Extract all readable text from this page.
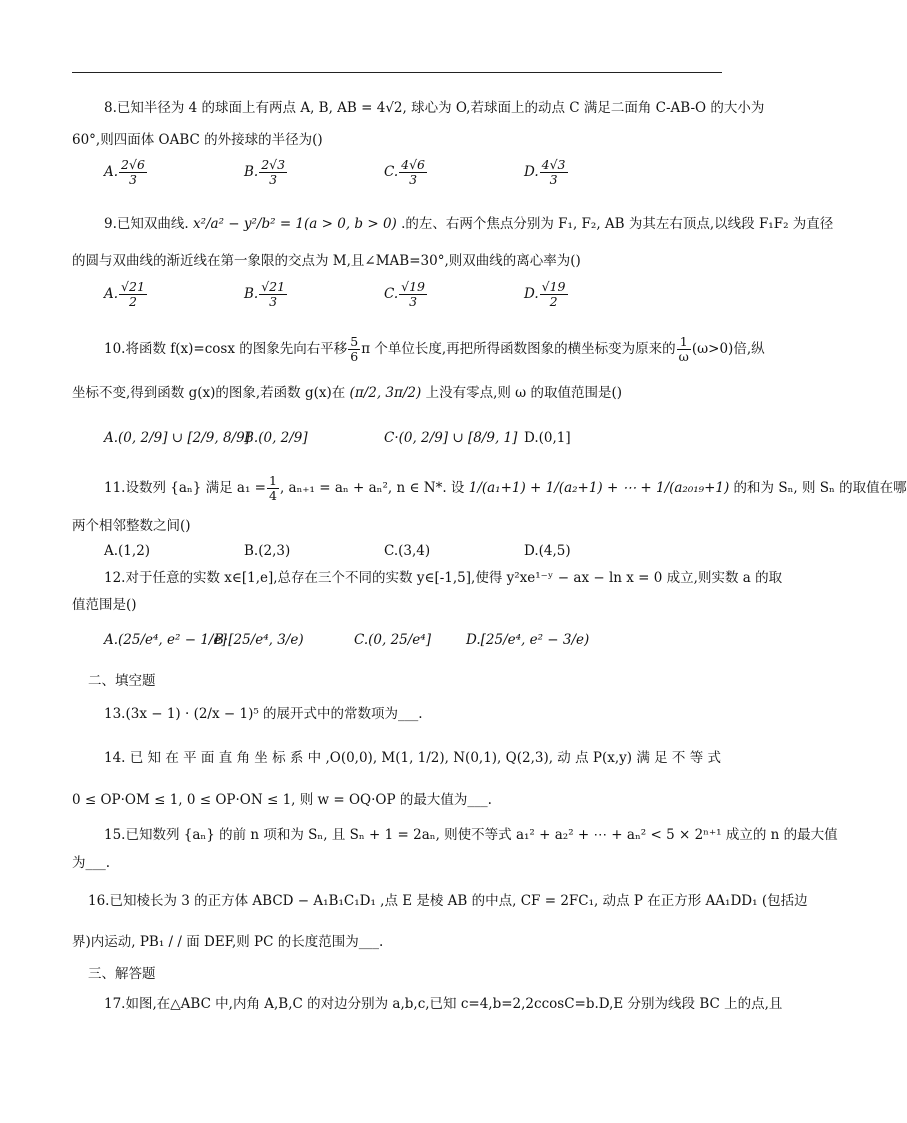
8.已知半径为 4 的球面上有两点 A, B, AB = 4√2, 球心为 O,若球面上的动点 C 满足二面角 C-AB-O 的大小为
60°,则四面体 OABC 的外接球的半径为()
A. $\frac{2√6}{3}$	B. $\frac{2√3}{3}$	C. $\frac{4√6}{3}$	D. $\frac{4√3}{3}$
9.已知双曲线. x²/a² − y²/b² = 1(a > 0, b > 0) .的左、右两个焦点分别为 F₁, F₂, AB 为其左右顶点,以线段 F₁F₂ 为直径
的圆与双曲线的渐近线在第一象限的交点为 M,且∠MAB=30°,则双曲线的离心率为()
A. $\frac{√21}{2}$	B. $\frac{√21}{3}$	C. $\frac{√19}{3}$	D. $\frac{√19}{2}$
10.将函数 f(x)=cosx 的图象先向右平移 $\frac{5}{6}$ π 个单位长度,再把所得函数图象的横坐标变为原来的 $\frac{1}{\omega} (\omega>0)$倍,纵
坐标不变,得到函数 g(x)的图象,若函数 g(x)在 (π/2, 3π/2) 上没有零点,则 ω 的取值范围是()
A.(0, 2/9] ∪ [2/9, 8/9]
B.(0, 2/9]	C·(0, 2/9] ∪ [8/9, 1] D.(0,1]
11.设数列 {aₙ} 满足 $a_1 = \frac{1}{4}$ , aₙ₊₁ = aₙ + aₙ², n ∈ N*. 设 1/(a₁+1) + 1/(a₂+1) + ⋯ + 1/(a₂₀₁₉+1) 的和为 Sₙ, 则 Sₙ 的取值在哪
两个相邻整数之间()
A.(1,2)	B.(2,3)	C.(3,4)	D.(4,5)
12.对于任意的实数 x∈[1,e],总存在三个不同的实数 y∈[-1,5],使得 y²xe¹⁻ʸ − ax − ln x = 0 成立,则实数 a 的取
值范围是()
A.(25/e⁴, e² − 1/e]
B·[25/e⁴, 3/e)	C.(0, 25/e⁴]	D.[25/e⁴, e² − 3/e)
二、填空题
13.(3x − 1) · (2/x − 1)⁵ 的展开式中的常数项为___.
14. 已 知 在 平 面 直 角 坐 标 系 中 ,O(0,0), M(1, 1/2), N(0,1), Q(2,3), 动 点 P(x,y) 满 足 不 等 式
0 ≤ OP·OM ≤ 1, 0 ≤ OP·ON ≤ 1, 则 w = OQ·OP 的最大值为___.
15.已知数列 {aₙ} 的前 n 项和为 Sₙ, 且 Sₙ + 1 = 2aₙ, 则使不等式 a₁² + a₂² + ⋯ + aₙ² < 5 × 2ⁿ⁺¹ 成立的 n 的最大值
为___.
16.已知棱长为 3 的正方体 ABCD − A₁B₁C₁D₁ ,点 E 是棱 AB 的中点, CF = 2FC₁, 动点 P 在正方形 AA₁DD₁ (包括边
界)内运动, PB₁ / / 面 DEF,则 PC 的长度范围为___.
三、解答题
17.如图,在△ABC 中,内角 A,B,C 的对边分别为 a,b,c,已知 c=4,b=2,2ccosC=b.D,E 分别为线段 BC 上的点,且
